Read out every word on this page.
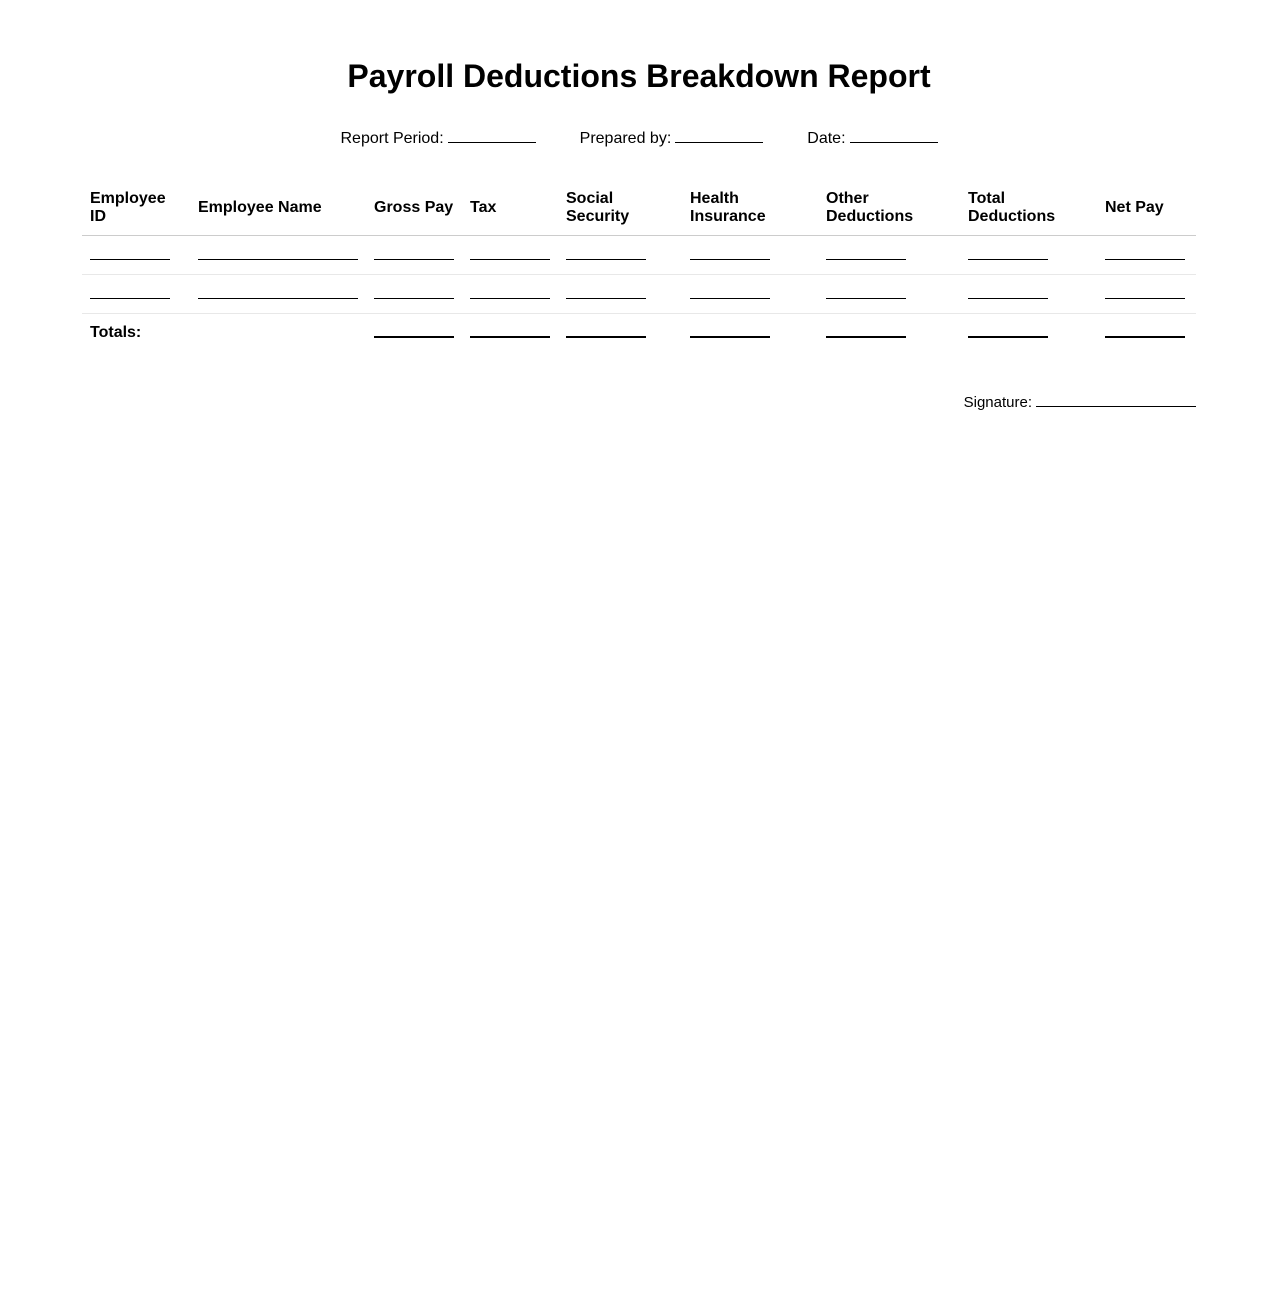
Payroll Deductions Breakdown Report
Report Period:	Prepared by:	Date:
Employee ID	Employee Name	Gross Pay	Tax	Social Security	Health Insurance	Other Deductions	Total Deductions	Net Pay

Totals:		

Signature:
